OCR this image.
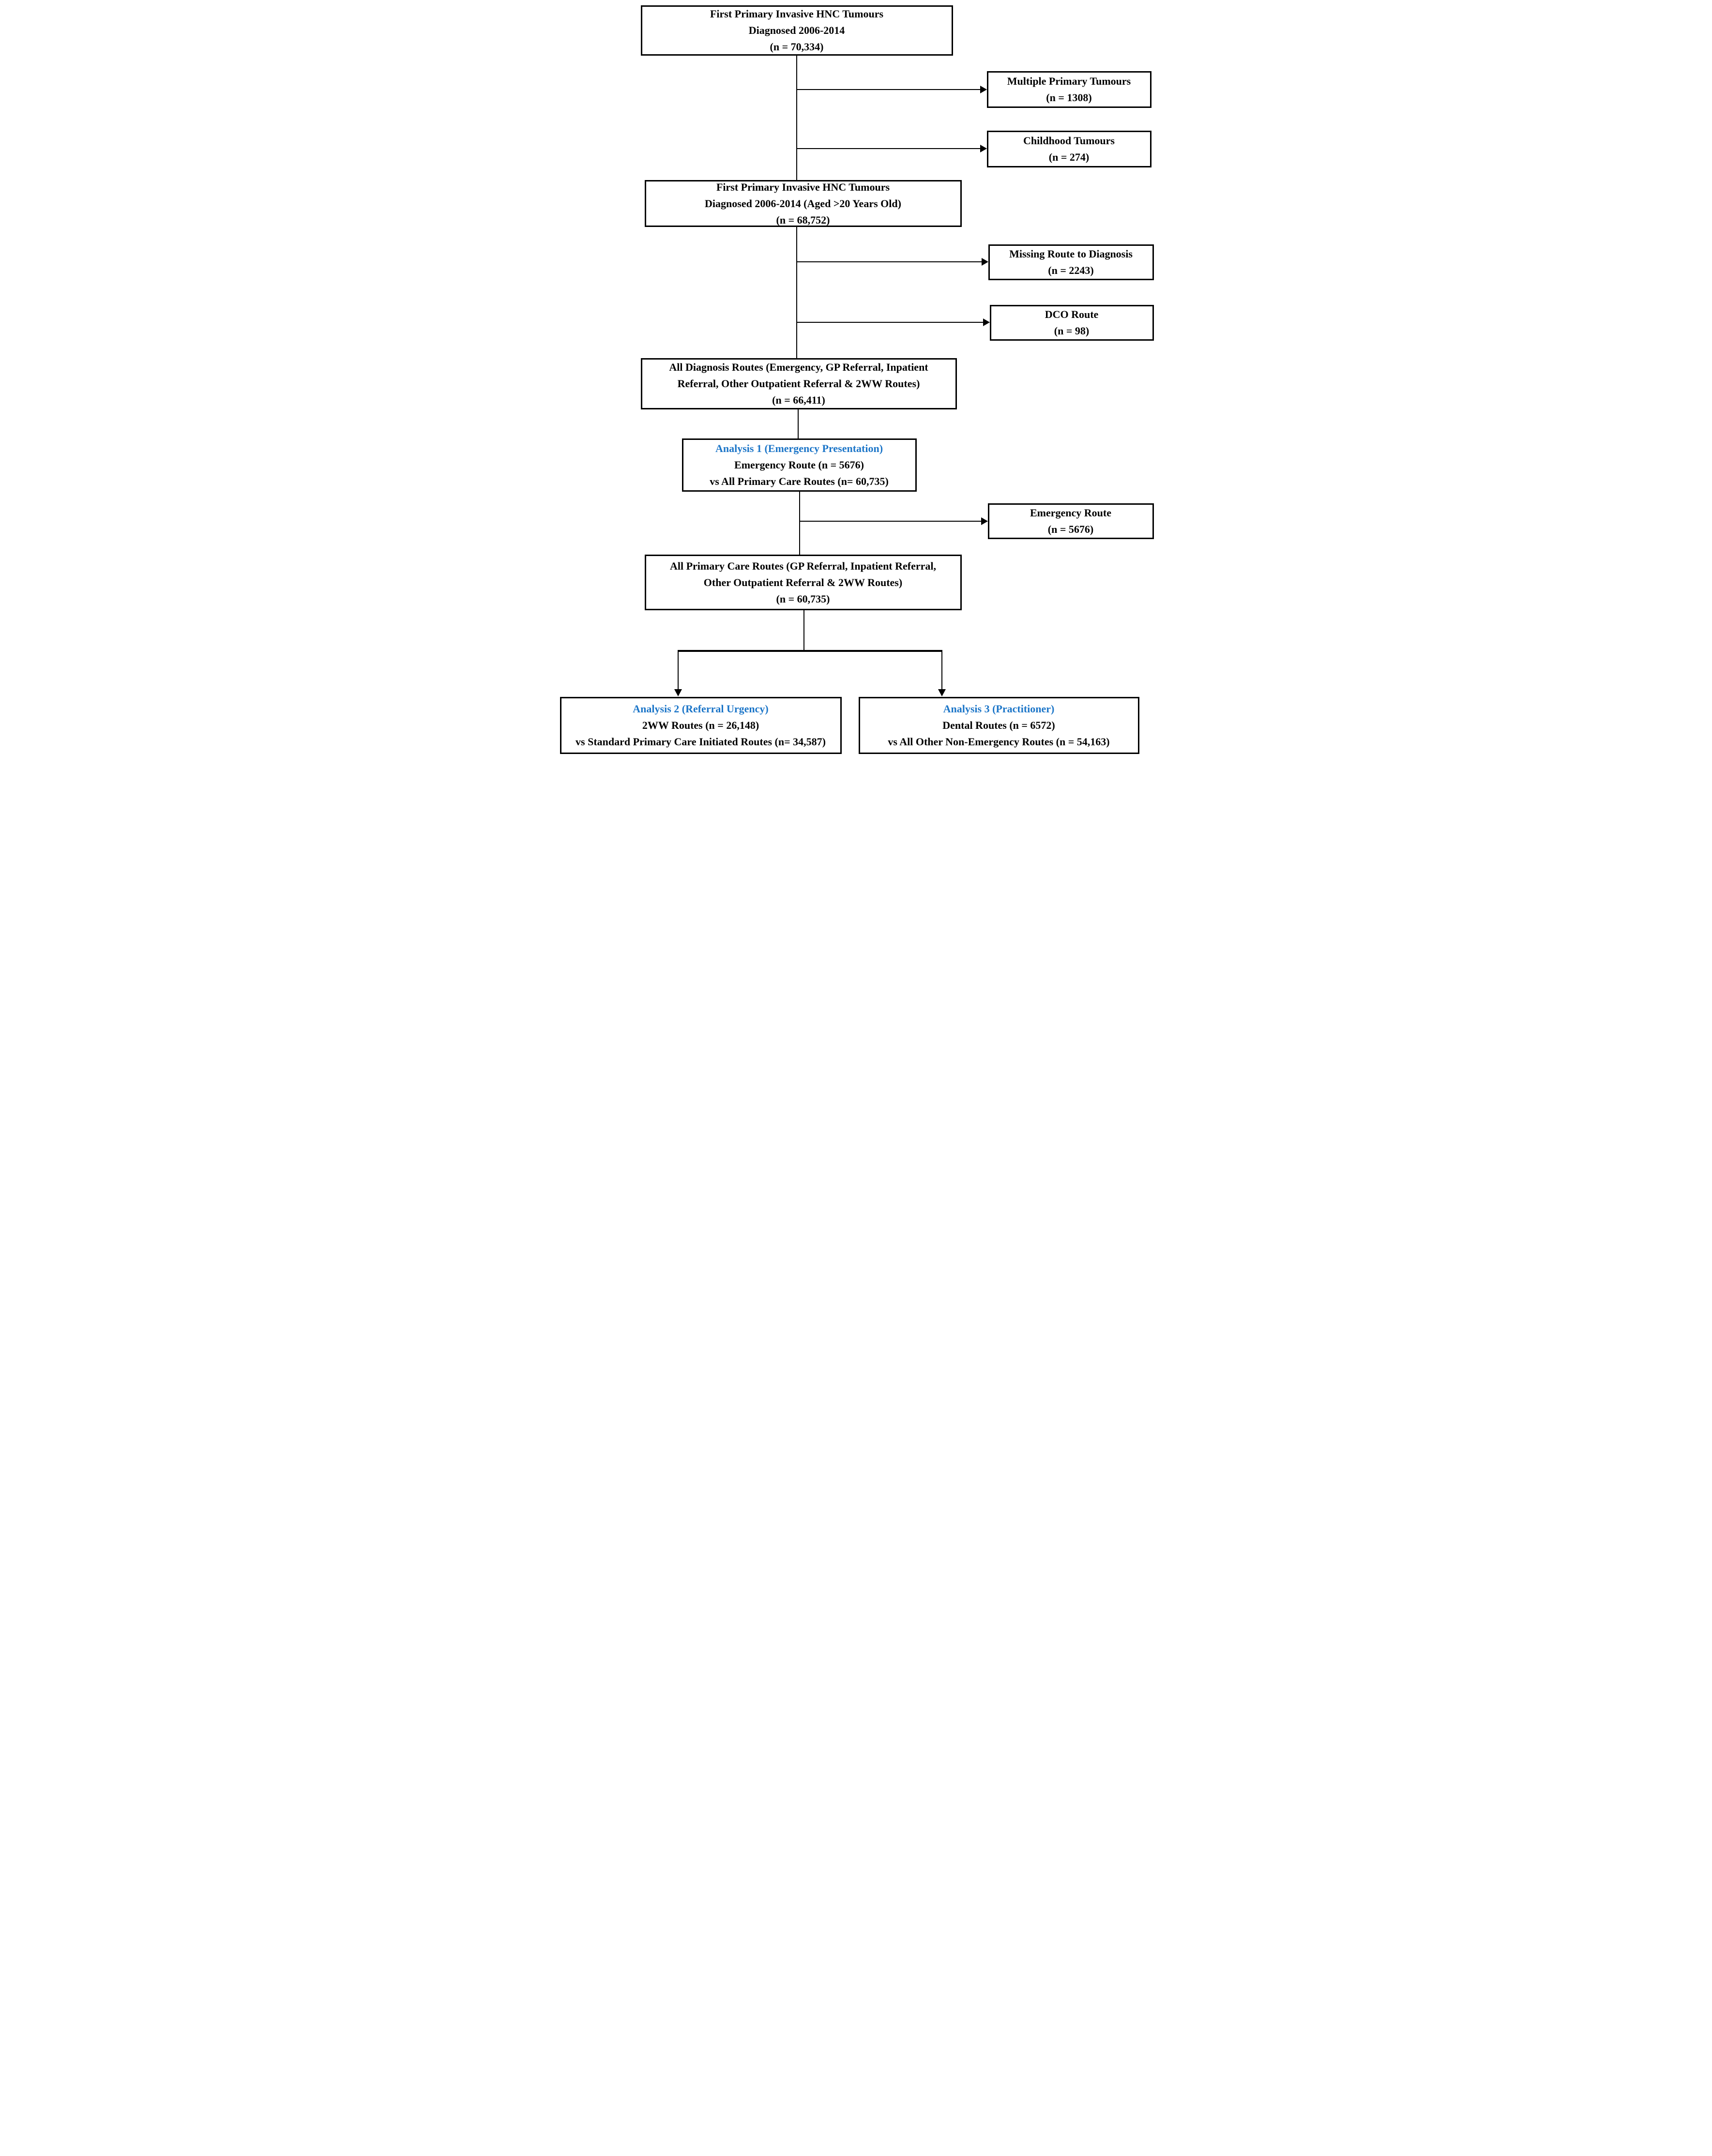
First Primary Invasive HNC Tumours
Diagnosed 2006-2014
(n = 70,334)
Multiple Primary Tumours
(n = 1308)
Childhood Tumours
(n = 274)
First Primary Invasive HNC Tumours
Diagnosed 2006-2014 (Aged >20 Years Old)
(n = 68,752)
Missing Route to Diagnosis
(n = 2243)
DCO Route
(n = 98)
All Diagnosis Routes (Emergency, GP Referral, Inpatient
Referral, Other Outpatient Referral & 2WW Routes)
(n = 66,411)
Analysis 1 (Emergency Presentation)
Emergency Route (n = 5676)
vs All Primary Care Routes (n= 60,735)
Emergency Route
(n = 5676)
All Primary Care Routes (GP Referral, Inpatient Referral,
Other Outpatient Referral & 2WW Routes)
(n = 60,735)
Analysis 2 (Referral Urgency)
2WW Routes (n = 26,148)
vs Standard Primary Care Initiated Routes (n= 34,587)
Analysis 3 (Practitioner)
Dental Routes (n = 6572)
vs All Other Non-Emergency Routes (n = 54,163)
